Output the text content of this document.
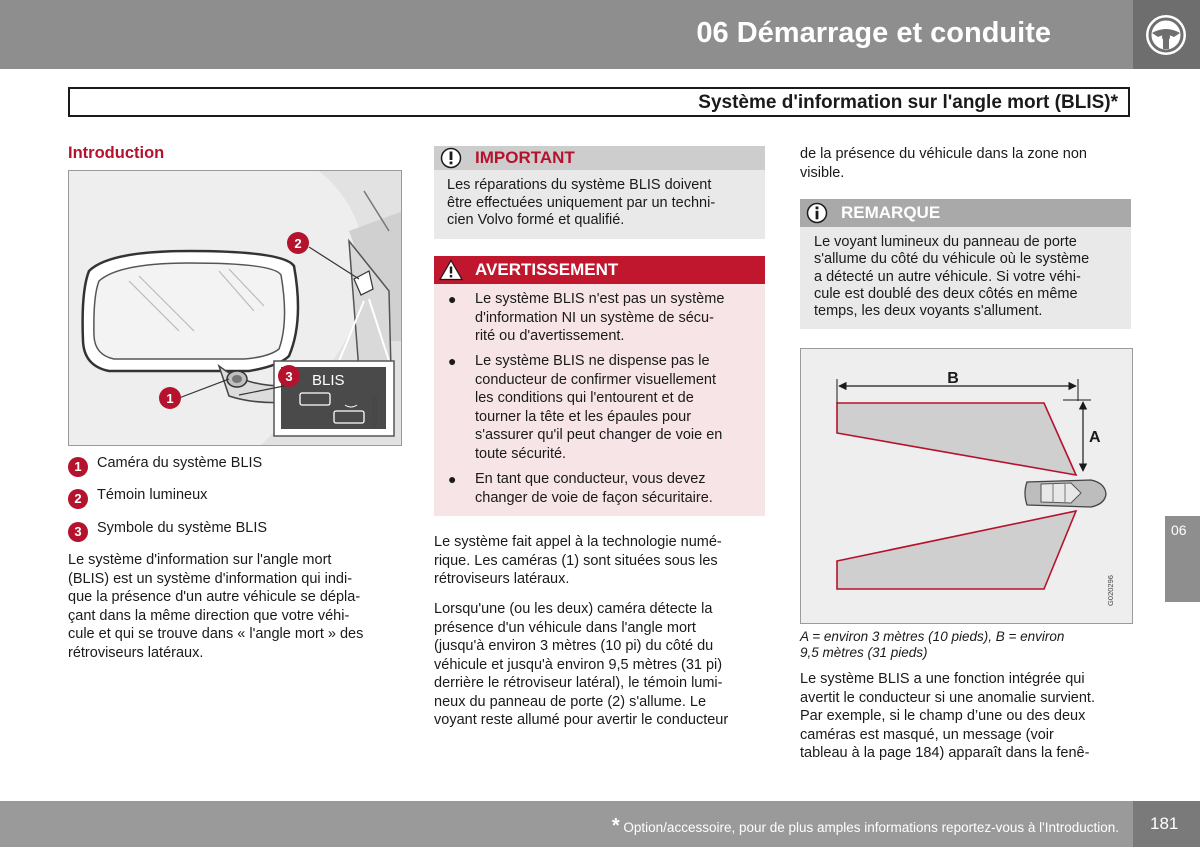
06 Démarrage et conduite
Système d'information sur l'angle mort (BLIS)*
Introduction
BLIS
1
2
3
G020295
1	Caméra du système BLIS
2	Témoin lumineux
3	Symbole du système BLIS
Le système d'information sur l'angle mort
(BLIS) est un système d'information qui indi-
que la présence d'un autre véhicule se dépla-
çant dans la même direction que votre véhi-
cule et qui se trouve dans « l'angle mort » des
rétroviseurs latéraux.
IMPORTANT
Les réparations du système BLIS doivent
être effectuées uniquement par un techni-
cien Volvo formé et qualifié.
AVERTISSEMENT
● Le système BLIS n'est pas un système
d'information NI un système de sécu-
rité ou d'avertissement.
● Le système BLIS ne dispense pas le
conducteur de confirmer visuellement
les conditions qui l'entourent et de
tourner la tête et les épaules pour
s'assurer qu'il peut changer de voie en
toute sécurité.
● En tant que conducteur, vous devez
changer de voie de façon sécuritaire.
Le système fait appel à la technologie numé-
rique. Les caméras (1) sont situées sous les
rétroviseurs latéraux.
Lorsqu'une (ou les deux) caméra détecte la
présence d'un véhicule dans l'angle mort
(jusqu'à environ 3 mètres (10 pi) du côté du
véhicule et jusqu'à environ 9,5 mètres (31 pi)
derrière le rétroviseur latéral), le témoin lumi-
neux du panneau de porte (2) s'allume. Le
voyant reste allumé pour avertir le conducteur
de la présence du véhicule dans la zone non
visible.
REMARQUE
Le voyant lumineux du panneau de porte
s'allume du côté du véhicule où le système
a détecté un autre véhicule. Si votre véhi-
cule est doublé des deux côtés en même
temps, les deux voyants s'allument.
B
A
G020296
A = environ 3 mètres (10 pieds), B = environ
9,5 mètres (31 pieds)
Le système BLIS a une fonction intégrée qui
avertit le conducteur si une anomalie survient.
Par exemple, si le champ d’une ou des deux
caméras est masqué, un message (voir
tableau à la page 184) apparaît dans la fenê-
06
* Option/accessoire, pour de plus amples informations reportez-vous à l'Introduction. 181
